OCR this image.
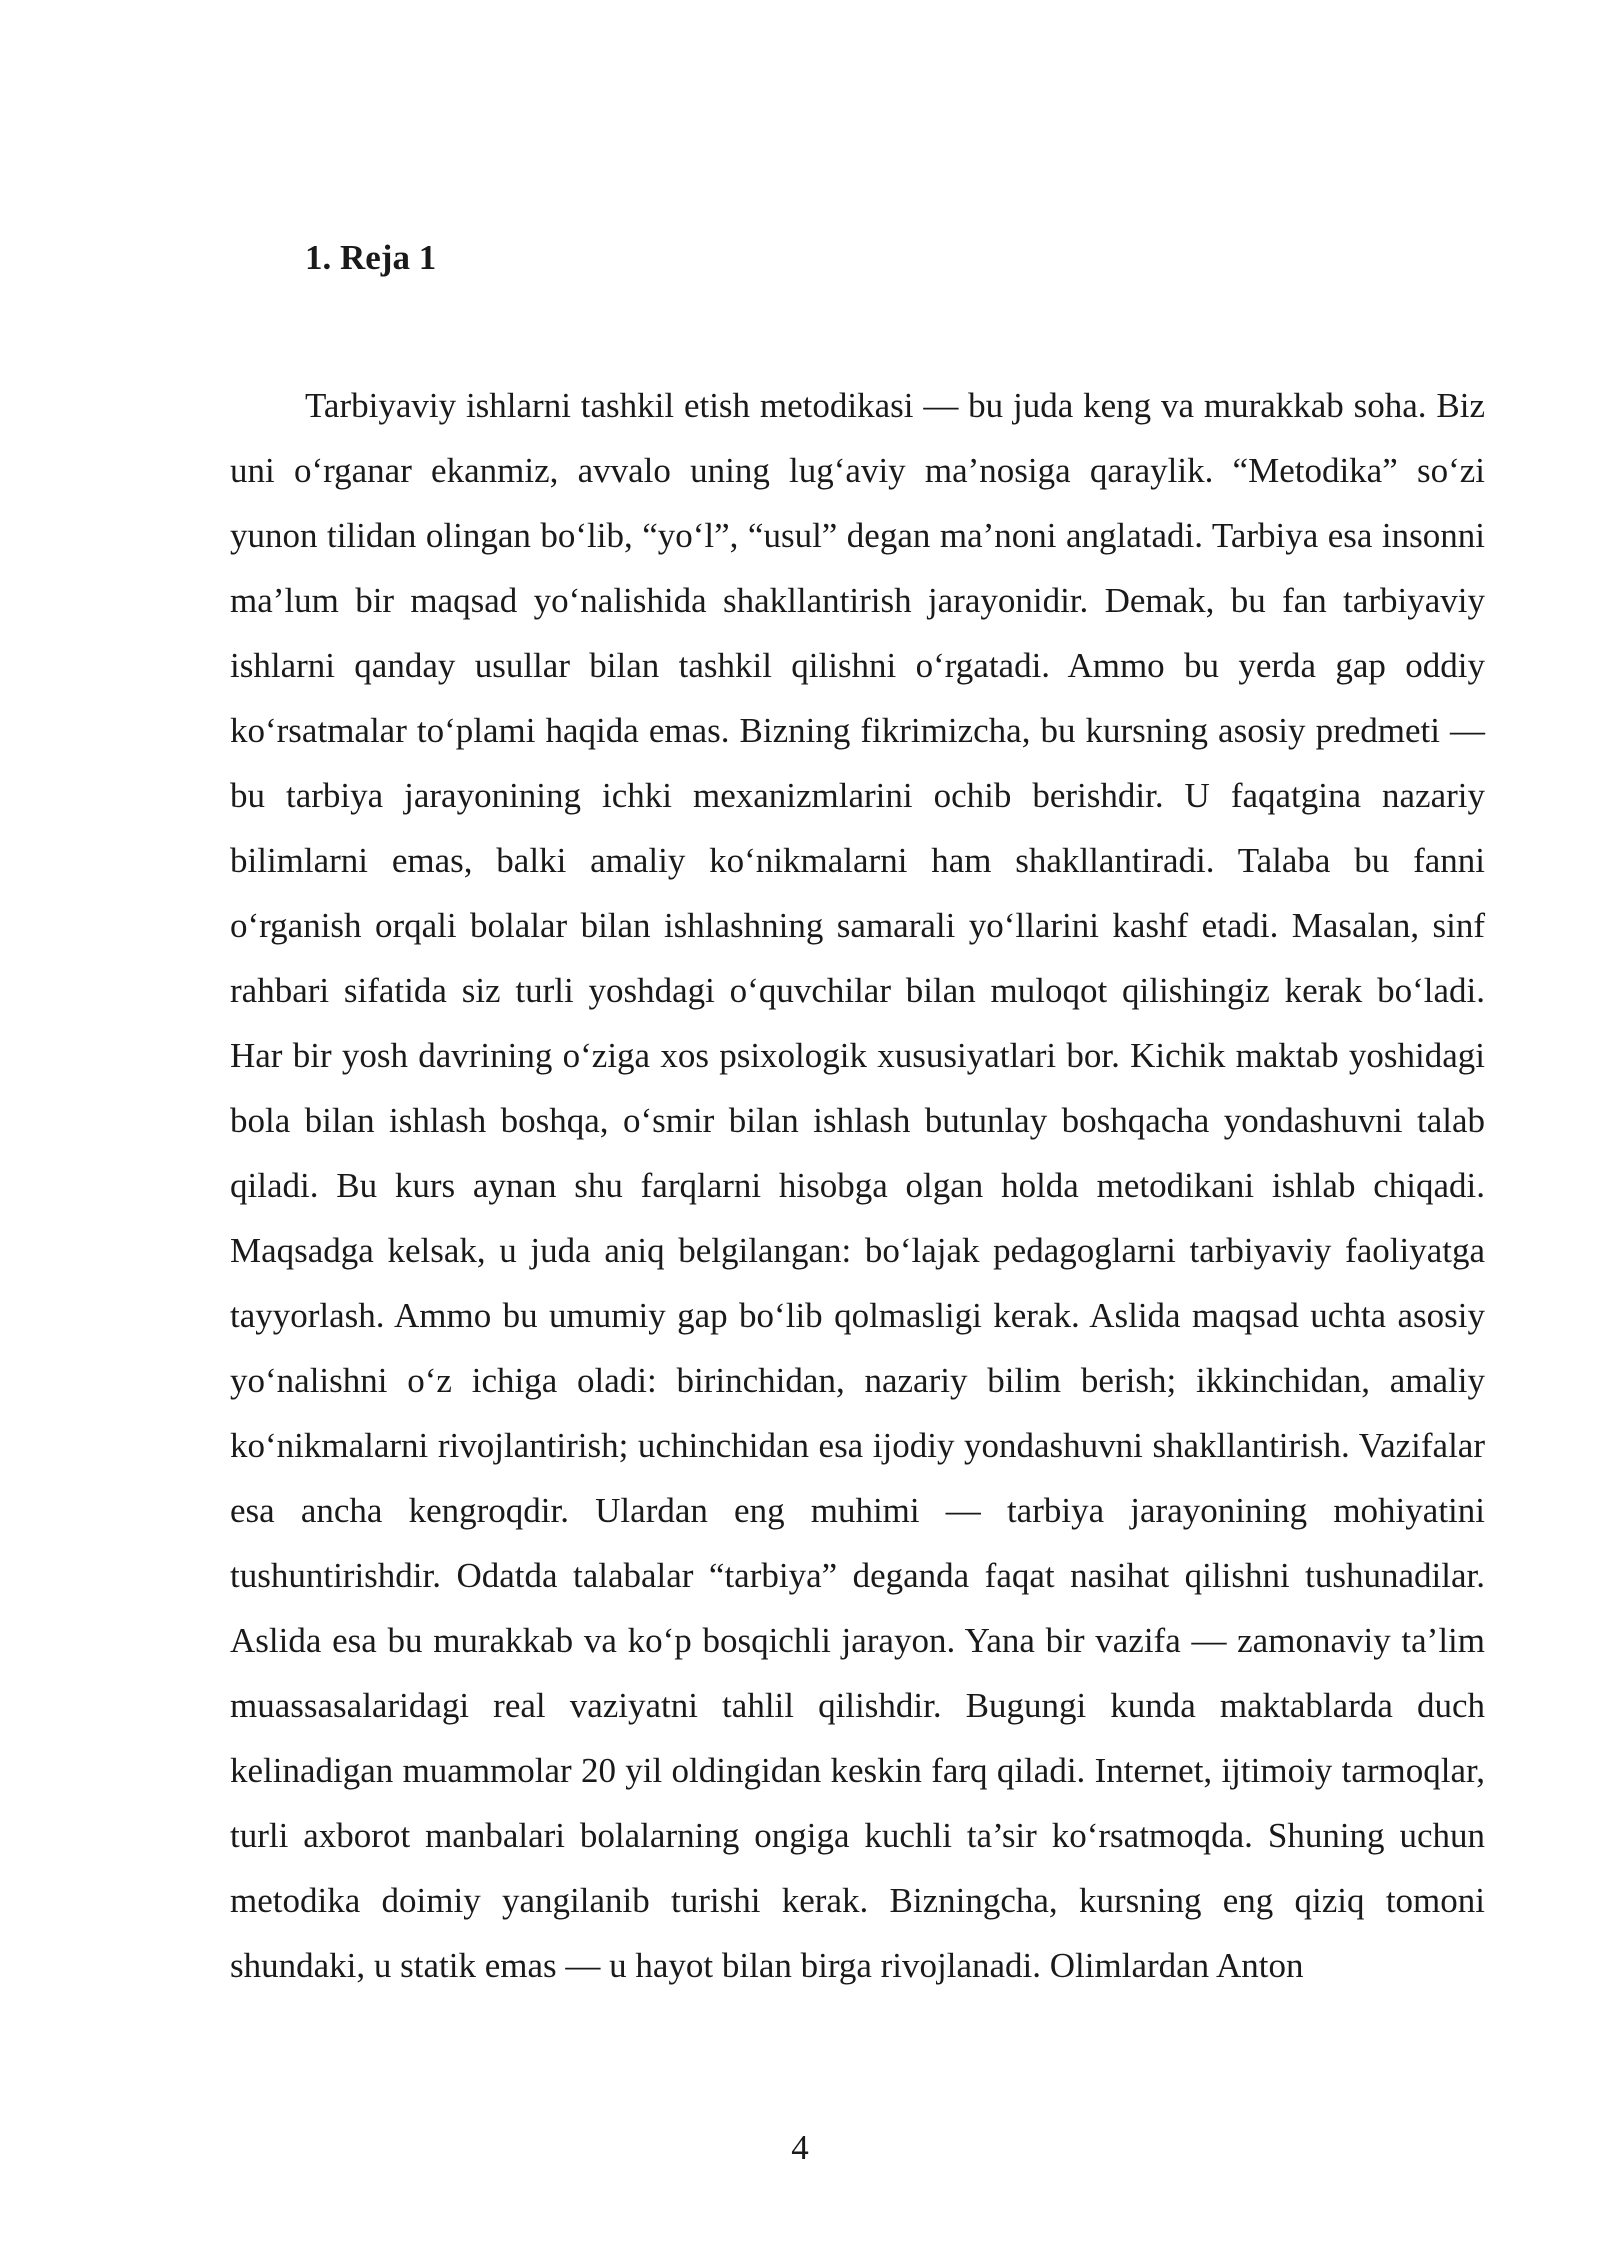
1. Reja 1

Tarbiyaviy ishlarni tashkil etish metodikasi — bu juda keng va murakkab soha. Biz uni o‘rganar ekanmiz, avvalo uning lug‘aviy ma’nosiga qaraylik. “Metodika” so‘zi yunon tilidan olingan bo‘lib, “yo‘l”, “usul” degan ma’noni anglatadi. Tarbiya esa insonni ma’lum bir maqsad yo‘nalishida shakllantirish jarayonidir. Demak, bu fan tarbiyaviy ishlarni qanday usullar bilan tashkil qilishni o‘rgatadi. Ammo bu yerda gap oddiy ko‘rsatmalar to‘plami haqida emas. Bizning fikrimizcha, bu kursning asosiy predmeti — bu tarbiya jarayonining ichki mexanizmlarini ochib berishdir. U faqatgina nazariy bilimlarni emas, balki amaliy ko‘nikmalarni ham shakllantiradi. Talaba bu fanni o‘rganish orqali bolalar bilan ishlashning samarali yo‘llarini kashf etadi. Masalan, sinf rahbari sifatida siz turli yoshdagi o‘quvchilar bilan muloqot qilishingiz kerak bo‘ladi. Har bir yosh davrining o‘ziga xos psixologik xususiyatlari bor. Kichik maktab yoshidagi bola bilan ishlash boshqa, o‘smir bilan ishlash butunlay boshqacha yondashuvni talab qiladi. Bu kurs aynan shu farqlarni hisobga olgan holda metodikani ishlab chiqadi. Maqsadga kelsak, u juda aniq belgilangan: bo‘lajak pedagoglarni tarbiyaviy faoliyatga tayyorlash. Ammo bu umumiy gap bo‘lib qolmasligi kerak. Aslida maqsad uchta asosiy yo‘nalishni o‘z ichiga oladi: birinchidan, nazariy bilim berish; ikkinchidan, amaliy ko‘nikmalarni rivojlantirish; uchinchidan esa ijodiy yondashuvni shakllantirish. Vazifalar esa ancha kengroqdir. Ulardan eng muhimi — tarbiya jarayonining mohiyatini tushuntirishdir. Odatda talabalar “tarbiya” deganda faqat nasihat qilishni tushunadilar. Aslida esa bu murakkab va ko‘p bosqichli jarayon. Yana bir vazifa — zamonaviy ta’lim muassasalaridagi real vaziyatni tahlil qilishdir. Bugungi kunda maktablarda duch kelinadigan muammolar 20 yil oldingidan keskin farq qiladi. Internet, ijtimoiy tarmoqlar, turli axborot manbalari bolalarning ongiga kuchli ta’sir ko‘rsatmoqda. Shuning uchun metodika doimiy yangilanib turishi kerak. Bizningcha, kursning eng qiziq tomoni shundaki, u statik emas — u hayot bilan birga rivojlanadi. Olimlardan Anton

4
